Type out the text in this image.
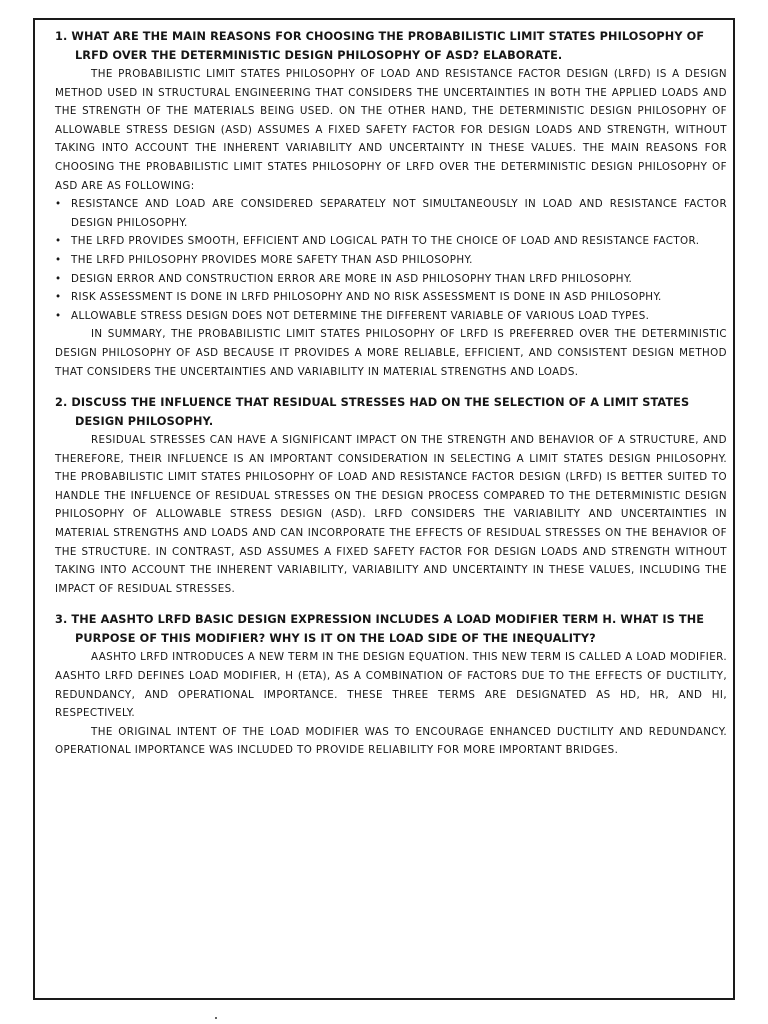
1. WHAT ARE THE MAIN REASONS FOR CHOOSING THE PROBABILISTIC LIMIT STATES PHILOSOPHY OF LRFD OVER THE DETERMINISTIC DESIGN PHILOSOPHY OF ASD? ELABORATE.

THE PROBABILISTIC LIMIT STATES PHILOSOPHY OF LOAD AND RESISTANCE FACTOR DESIGN (LRFD) IS A DESIGN METHOD USED IN STRUCTURAL ENGINEERING THAT CONSIDERS THE UNCERTAINTIES IN BOTH THE APPLIED LOADS AND THE STRENGTH OF THE MATERIALS BEING USED. ON THE OTHER HAND, THE DETERMINISTIC DESIGN PHILOSOPHY OF ALLOWABLE STRESS DESIGN (ASD) ASSUMES A FIXED SAFETY FACTOR FOR DESIGN LOADS AND STRENGTH, WITHOUT TAKING INTO ACCOUNT THE INHERENT VARIABILITY AND UNCERTAINTY IN THESE VALUES. THE MAIN REASONS FOR CHOOSING THE PROBABILISTIC LIMIT STATES PHILOSOPHY OF LRFD OVER THE DETERMINISTIC DESIGN PHILOSOPHY OF ASD ARE AS FOLLOWING:

• RESISTANCE AND LOAD ARE CONSIDERED SEPARATELY NOT SIMULTANEOUSLY IN LOAD AND RESISTANCE FACTOR DESIGN PHILOSOPHY.
• THE LRFD PROVIDES SMOOTH, EFFICIENT AND LOGICAL PATH TO THE CHOICE OF LOAD AND RESISTANCE FACTOR.
• THE LRFD PHILOSOPHY PROVIDES MORE SAFETY THAN ASD PHILOSOPHY.
• DESIGN ERROR AND CONSTRUCTION ERROR ARE MORE IN ASD PHILOSOPHY THAN LRFD PHILOSOPHY.
• RISK ASSESSMENT IS DONE IN LRFD PHILOSOPHY AND NO RISK ASSESSMENT IS DONE IN ASD PHILOSOPHY.
• ALLOWABLE STRESS DESIGN DOES NOT DETERMINE THE DIFFERENT VARIABLE OF VARIOUS LOAD TYPES.

IN SUMMARY, THE PROBABILISTIC LIMIT STATES PHILOSOPHY OF LRFD IS PREFERRED OVER THE DETERMINISTIC DESIGN PHILOSOPHY OF ASD BECAUSE IT PROVIDES A MORE RELIABLE, EFFICIENT, AND CONSISTENT DESIGN METHOD THAT CONSIDERS THE UNCERTAINTIES AND VARIABILITY IN MATERIAL STRENGTHS AND LOADS.

2. DISCUSS THE INFLUENCE THAT RESIDUAL STRESSES HAD ON THE SELECTION OF A LIMIT STATES DESIGN PHILOSOPHY.

RESIDUAL STRESSES CAN HAVE A SIGNIFICANT IMPACT ON THE STRENGTH AND BEHAVIOR OF A STRUCTURE, AND THEREFORE, THEIR INFLUENCE IS AN IMPORTANT CONSIDERATION IN SELECTING A LIMIT STATES DESIGN PHILOSOPHY. THE PROBABILISTIC LIMIT STATES PHILOSOPHY OF LOAD AND RESISTANCE FACTOR DESIGN (LRFD) IS BETTER SUITED TO HANDLE THE INFLUENCE OF RESIDUAL STRESSES ON THE DESIGN PROCESS COMPARED TO THE DETERMINISTIC DESIGN PHILOSOPHY OF ALLOWABLE STRESS DESIGN (ASD). LRFD CONSIDERS THE VARIABILITY AND UNCERTAINTIES IN MATERIAL STRENGTHS AND LOADS AND CAN INCORPORATE THE EFFECTS OF RESIDUAL STRESSES ON THE BEHAVIOR OF THE STRUCTURE. IN CONTRAST, ASD ASSUMES A FIXED SAFETY FACTOR FOR DESIGN LOADS AND STRENGTH WITHOUT TAKING INTO ACCOUNT THE INHERENT VARIABILITY, VARIABILITY AND UNCERTAINTY IN THESE VALUES, INCLUDING THE IMPACT OF RESIDUAL STRESSES.

3. THE AASHTO LRFD BASIC DESIGN EXPRESSION INCLUDES A LOAD MODIFIER TERM Η. WHAT IS THE PURPOSE OF THIS MODIFIER? WHY IS IT ON THE LOAD SIDE OF THE INEQUALITY?

AASHTO LRFD INTRODUCES A NEW TERM IN THE DESIGN EQUATION. THIS NEW TERM IS CALLED A LOAD MODIFIER. AASHTO LRFD DEFINES LOAD MODIFIER, Η (ETA), AS A COMBINATION OF FACTORS DUE TO THE EFFECTS OF DUCTILITY, REDUNDANCY, AND OPERATIONAL IMPORTANCE. THESE THREE TERMS ARE DESIGNATED AS ΗD, ΗR, AND ΗI, RESPECTIVELY.

THE ORIGINAL INTENT OF THE LOAD MODIFIER WAS TO ENCOURAGE ENHANCED DUCTILITY AND REDUNDANCY. OPERATIONAL IMPORTANCE WAS INCLUDED TO PROVIDE RELIABILITY FOR MORE IMPORTANT BRIDGES.
